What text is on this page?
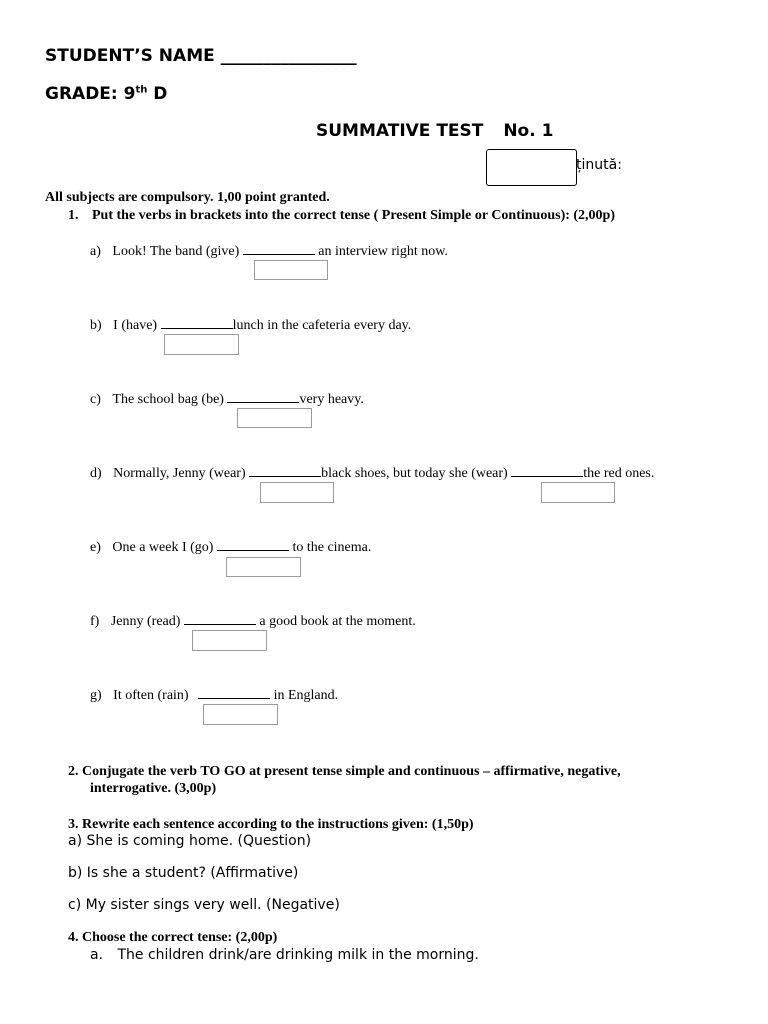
STUDENT’S NAME ________________
GRADE: 9th D
SUMMATIVE TEST No. 1
ținută:
All subjects are compulsory. 1,00 point granted.
1. Put the verbs in brackets into the correct tense ( Present Simple or Continuous): (2,00p)
a) Look! The band (give)	an interview right now.
b) I (have)	lunch in the cafeteria every day.
c) The school bag (be)	very heavy.
d) Normally, Jenny (wear)	black shoes, but today she (wear)	the red ones.
e) One a week I (go)	to the cinema.
f) Jenny (read)	a good book at the moment.
g) It often (rain)	in England.
2. Conjugate the verb TO GO at present tense simple and continuous – affirmative, negative,
interrogative. (3,00p)
3. Rewrite each sentence according to the instructions given: (1,50p)
a) She is coming home. (Question)
b) Is she a student? (Affirmative)
c) My sister sings very well. (Negative)
4. Choose the correct tense: (2,00p)
a. The children drink/are drinking milk in the morning.
